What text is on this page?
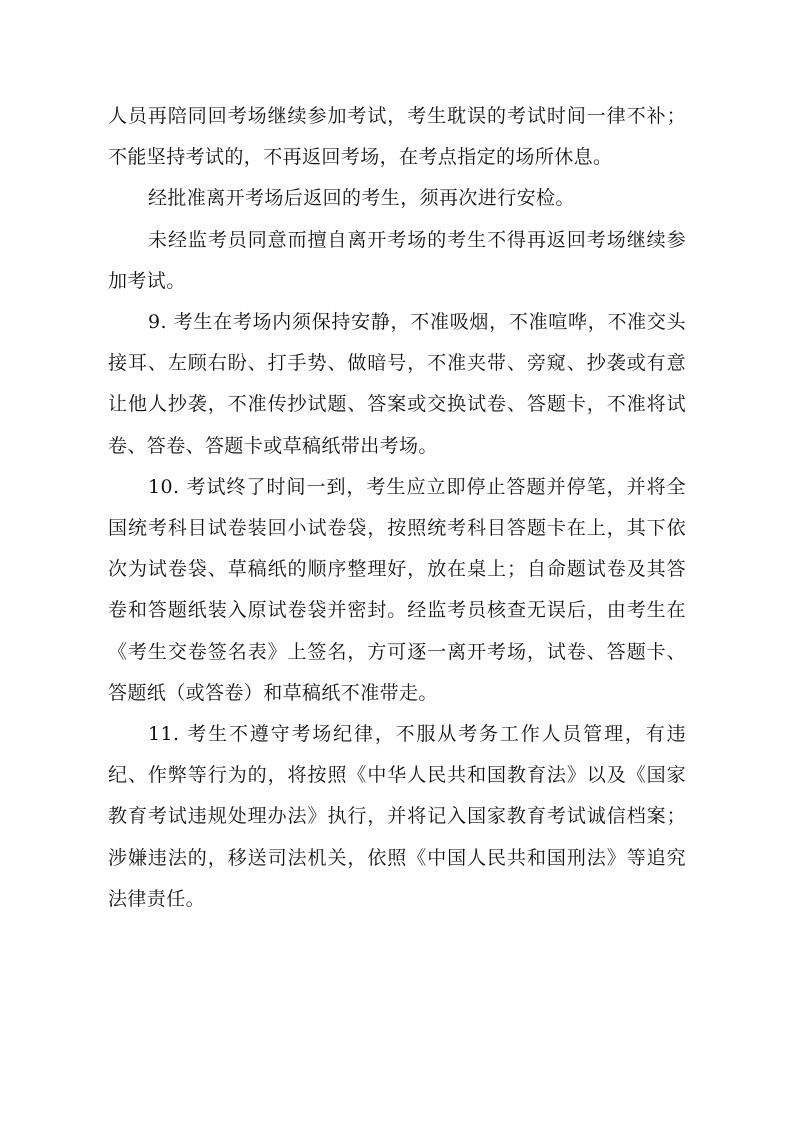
人员再陪同回考场继续参加考试，考生耽误的考试时间一律不补；不能坚持考试的，不再返回考场，在考点指定的场所休息。

经批准离开考场后返回的考生，须再次进行安检。

未经监考员同意而擅自离开考场的考生不得再返回考场继续参加考试。

9. 考生在考场内须保持安静，不准吸烟，不准喧哗，不准交头接耳、左顾右盼、打手势、做暗号，不准夹带、旁窥、抄袭或有意让他人抄袭，不准传抄试题、答案或交换试卷、答题卡，不准将试卷、答卷、答题卡或草稿纸带出考场。

10. 考试终了时间一到，考生应立即停止答题并停笔，并将全国统考科目试卷装回小试卷袋，按照统考科目答题卡在上，其下依次为试卷袋、草稿纸的顺序整理好，放在桌上；自命题试卷及其答卷和答题纸装入原试卷袋并密封。经监考员核查无误后，由考生在《考生交卷签名表》上签名，方可逐一离开考场，试卷、答题卡、答题纸（或答卷）和草稿纸不准带走。

11. 考生不遵守考场纪律，不服从考务工作人员管理，有违纪、作弊等行为的，将按照《中华人民共和国教育法》以及《国家教育考试违规处理办法》执行，并将记入国家教育考试诚信档案；涉嫌违法的，移送司法机关，依照《中国人民共和国刑法》等追究法律责任。
